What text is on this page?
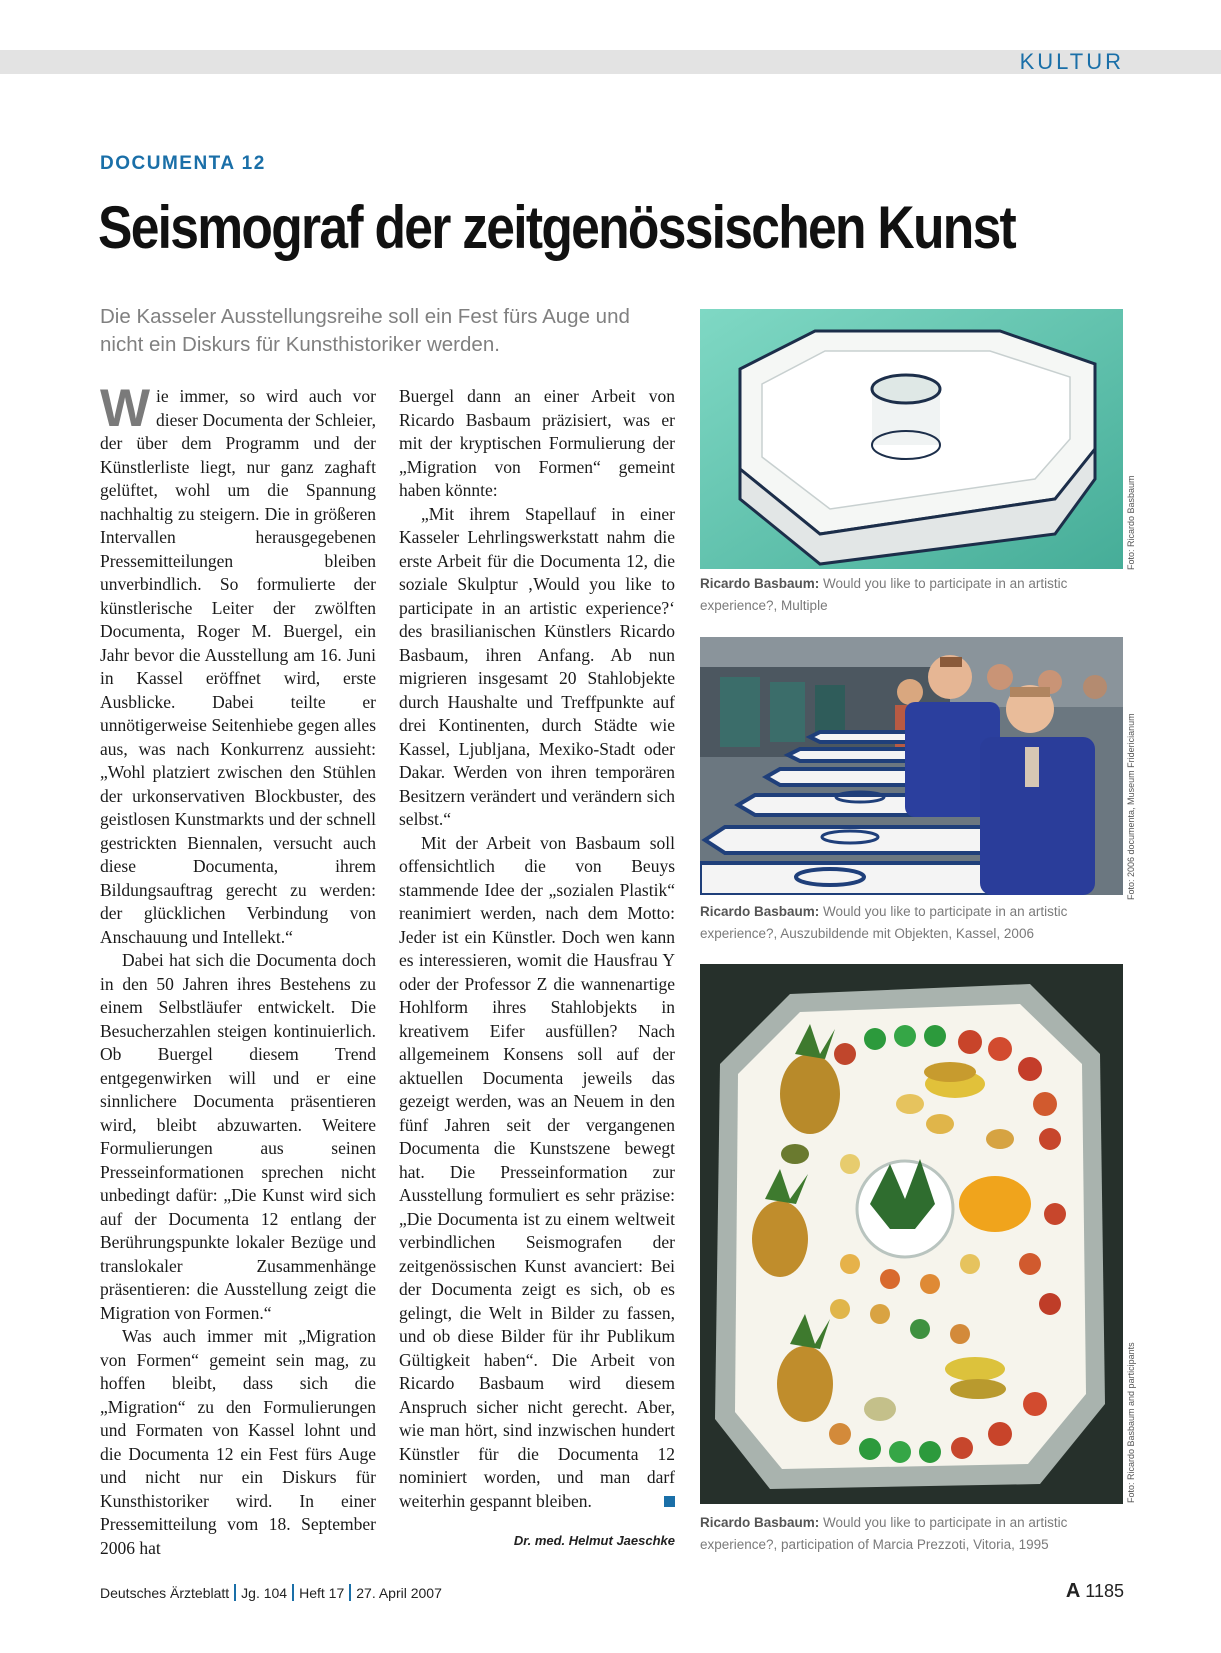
KULTUR
DOCUMENTA 12
Seismograf der zeitgenössischen Kunst
Die Kasseler Ausstellungsreihe soll ein Fest fürs Auge und nicht ein Diskurs für Kunsthistoriker werden.

Wie immer, so wird auch vor dieser Documenta der Schleier, der über dem Programm und der Künstlerliste liegt, nur ganz zaghaft gelüftet, wohl um die Spannung nachhaltig zu steigern. Die in größeren Intervallen herausgegebenen Pressemitteilungen bleiben unverbindlich. So formulierte der künstlerische Leiter der zwölften Documenta, Roger M. Buergel, ein Jahr bevor die Ausstellung am 16. Juni in Kassel eröffnet wird, erste Ausblicke. Dabei teilte er unnötigerweise Seitenhiebe gegen alles aus, was nach Konkurrenz aussieht: „Wohl platziert zwischen den Stühlen der urkonservativen Blockbuster, des geistlosen Kunstmarkts und der schnell gestrickten Biennalen, versucht auch diese Documenta, ihrem Bildungsauftrag gerecht zu werden: der glücklichen Verbindung von Anschauung und Intellekt.“

Dabei hat sich die Documenta doch in den 50 Jahren ihres Bestehens zu einem Selbstläufer entwickelt. Die Besucherzahlen steigen kontinuierlich. Ob Buergel diesem Trend entgegenwirken will und er eine sinnlichere Documenta präsentieren wird, bleibt abzuwarten. Weitere Formulierungen aus seinen Presseinformationen sprechen nicht unbedingt dafür: „Die Kunst wird sich auf der Documenta 12 entlang der Berührungspunkte lokaler Bezüge und translokaler Zusammenhänge präsentieren: die Ausstellung zeigt die Migration von Formen.“

Was auch immer mit „Migration von Formen“ gemeint sein mag, zu hoffen bleibt, dass sich die „Migration“ zu den Formulierungen und Formaten von Kassel lohnt und die Documenta 12 ein Fest fürs Auge und nicht nur ein Diskurs für Kunsthistoriker wird. In einer Pressemitteilung vom 18. September 2006 hat

Buergel dann an einer Arbeit von Ricardo Basbaum präzisiert, was er mit der kryptischen Formulierung der „Migration von Formen“ gemeint haben könnte:

„Mit ihrem Stapellauf in einer Kasseler Lehrlingswerkstatt nahm die erste Arbeit für die Documenta 12, die soziale Skulptur ‚Would you like to participate in an artistic experience?‘ des brasilianischen Künstlers Ricardo Basbaum, ihren Anfang. Ab nun migrieren insgesamt 20 Stahlobjekte durch Haushalte und Treffpunkte auf drei Kontinenten, durch Städte wie Kassel, Ljubljana, Mexiko-Stadt oder Dakar. Werden von ihren temporären Besitzern verändert und verändern sich selbst.“

Mit der Arbeit von Basbaum soll offensichtlich die von Beuys stammende Idee der „sozialen Plastik“ reanimiert werden, nach dem Motto: Jeder ist ein Künstler. Doch wen kann es interessieren, womit die Hausfrau Y oder der Professor Z die wannenartige Hohlform ihres Stahlobjekts in kreativem Eifer ausfüllen? Nach allgemeinem Konsens soll auf der aktuellen Documenta jeweils das gezeigt werden, was an Neuem in den fünf Jahren seit der vergangenen Documenta die Kunstszene bewegt hat. Die Presseinformation zur Ausstellung formuliert es sehr präzise: „Die Documenta ist zu einem weltweit verbindlichen Seismografen der zeitgenössischen Kunst avanciert: Bei der Documenta zeigt es sich, ob es gelingt, die Welt in Bilder zu fassen, und ob diese Bilder für ihr Publikum Gültigkeit haben“. Die Arbeit von Ricardo Basbaum wird diesem Anspruch sicher nicht gerecht. Aber, wie man hört, sind inzwischen hundert Künstler für die Documenta 12 nominiert worden, und man darf weiterhin gespannt bleiben.

Dr. med. Helmut Jaeschke
Foto: Ricardo Basbaum
Ricardo Basbaum: Would you like to participate in an artistic experience?, Multiple
Foto: 2006 documenta, Museum Fridericianum
Ricardo Basbaum: Would you like to participate in an artistic experience?, Auszubildende mit Objekten, Kassel, 2006
Foto: Ricardo Basbaum and participants
Ricardo Basbaum: Would you like to participate in an artistic experience?, participation of Marcia Prezzoti, Vitoria, 1995
Deutsches Ärzteblatt Jg. 104 Heft 17 27. April 2007	A 1185
